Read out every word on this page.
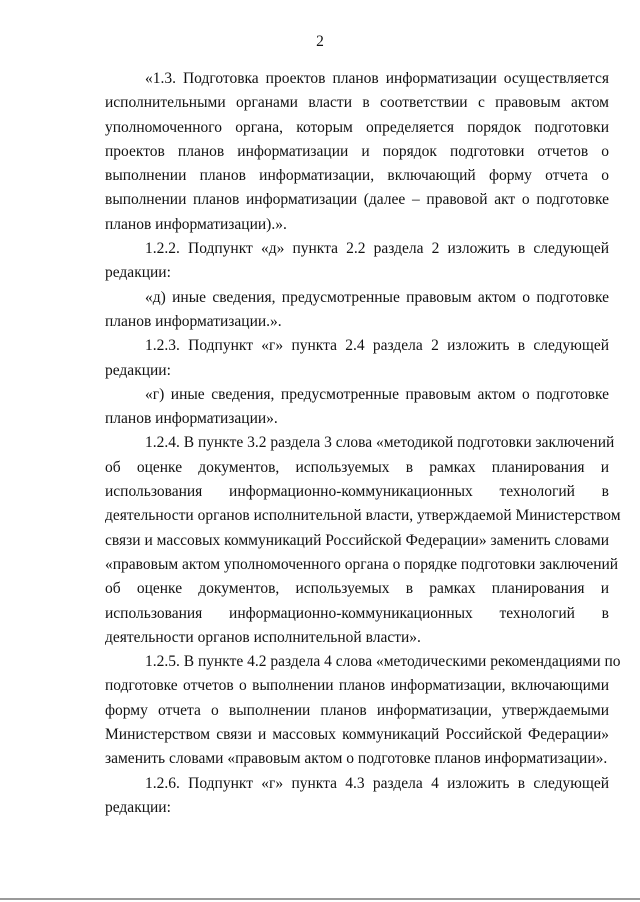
2
«1.3. Подготовка проектов планов информатизации осуществляется
исполнительными органами власти в соответствии с правовым актом
уполномоченного органа, которым определяется порядок подготовки
проектов планов информатизации и порядок подготовки отчетов о
выполнении планов информатизации, включающий форму отчета о
выполнении планов информатизации (далее – правовой акт о подготовке
планов информатизации).».
1.2.2. Подпункт «д» пункта 2.2 раздела 2 изложить в следующей
редакции:
«д) иные сведения, предусмотренные правовым актом о подготовке
планов информатизации.».
1.2.3. Подпункт «г» пункта 2.4 раздела 2 изложить в следующей
редакции:
«г) иные сведения, предусмотренные правовым актом о подготовке
планов информатизации».
1.2.4. В пункте 3.2 раздела 3 слова «методикой подготовки заключений
об оценке документов, используемых в рамках планирования и
использования информационно-коммуникационных технологий в
деятельности органов исполнительной власти, утверждаемой Министерством
связи и массовых коммуникаций Российской Федерации» заменить словами
«правовым актом уполномоченного органа о порядке подготовки заключений
об оценке документов, используемых в рамках планирования и
использования информационно-коммуникационных технологий в
деятельности органов исполнительной власти».
1.2.5. В пункте 4.2 раздела 4 слова «методическими рекомендациями по
подготовке отчетов о выполнении планов информатизации, включающими
форму отчета о выполнении планов информатизации, утверждаемыми
Министерством связи и массовых коммуникаций Российской Федерации»
заменить словами «правовым актом о подготовке планов информатизации».
1.2.6. Подпункт «г» пункта 4.3 раздела 4 изложить в следующей
редакции:
